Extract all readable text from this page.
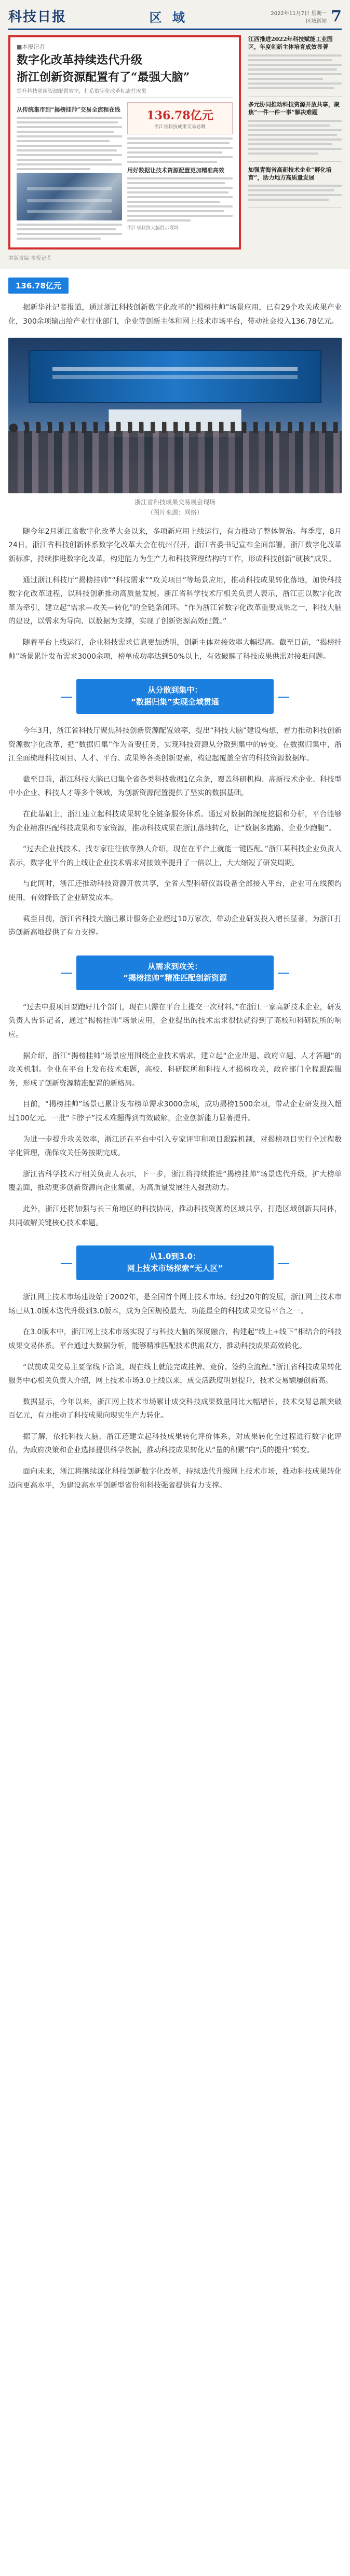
科技日报	区 域	2022年11月7日 星期一
区域新闻 7
■本报记者
数字化改革持续迭代升级
浙江创新资源配置有了“最强大脑”
提升科技创新资源配置效率，打造数字化改革标志性成果
从传统集市到“揭榜挂帅”交易全流程在线	136.78亿元
浙江省科技成果交易总额
用好数据让技术资源配置更加精准高效
浙江省科技大脑展示现场
江西推进2022年科技赋能工业园区，年度创新主体培育成效显著
多元协同推动科技资源开放共享，聚焦“一件一件一事”解决难题
加强青海省高新技术企业“孵化培育”，助力地方高质量发展
本版责编 本报记者
136.78亿元

据新华社记者报道，通过浙江科技创新数字化改革的“揭榜挂帅”场景应用，已有29个攻关成果产业化，300余项输出给产业行业部门，企业等创新主体和网上技术市场平台，带动社会投入136.78亿元。

浙江省科技成果交易展会现场
（图片来源：网络）

随今年2月浙江省数字化改革大会以来，多项新应用上线运行，有力推动了整体智治。每季度，8月24日，浙江省科技创新体系数字化改革大会在杭州召开，浙江省委书记宣布全面部署，浙江数字化改革新标准，持续推进数字化改革，构建能力为生产力和科技管理结构的工作，形成科技创新“硬核”成果。

通过浙江科技厅“揭榜挂帅”“科技需求”“攻关项目”等场景应用，推动科技成果转化落地，加快科技数字化改革进程，以科技创新推动高质量发展。浙江省科学技术厅相关负责人表示，浙江正以数字化改革为牵引，建立起“需求—攻关—转化”的全链条闭环。“作为浙江省数字化改革重要成果之一，科技大脑的建设，以需求为导向、以数据为支撑，实现了创新资源高效配置。”

随着平台上线运行，企业科技需求信息更加透明，创新主体对接效率大幅提高。截至目前，“揭榜挂帅”场景累计发布需求3000余项，榜单成功率达到50%以上，有效破解了科技成果供需对接难问题。

从分散到集中：
“数据归集”实现全域贯通

今年3月，浙江省科技厅聚焦科技创新资源配置效率，提出“科技大脑”建设构想，着力推动科技创新资源数字化改革，把“数据归集”作为首要任务，实现科技资源从分散到集中的转变。在数据归集中，浙江全面梳理科技项目、人才、平台、成果等各类创新要素，构建起覆盖全省的科技资源数据库。

截至目前，浙江科技大脑已归集全省各类科技数据1亿余条，覆盖科研机构、高新技术企业、科技型中小企业、科技人才等多个领域，为创新资源配置提供了坚实的数据基础。

在此基础上，浙江建立起科技成果转化全链条服务体系。通过对数据的深度挖掘和分析，平台能够为企业精准匹配科技成果和专家资源，推动科技成果在浙江落地转化，让“数据多跑路、企业少跑腿”。

“过去企业找技术、找专家往往依靠熟人介绍，现在在平台上就能一键匹配。”浙江某科技企业负责人表示，数字化平台的上线让企业技术需求对接效率提升了一倍以上，大大缩短了研发周期。

与此同时，浙江还推动科技资源开放共享，全省大型科研仪器设备全部接入平台，企业可在线预约使用，有效降低了企业研发成本。

截至目前，浙江省科技大脑已累计服务企业超过10万家次，带动企业研发投入增长显著，为浙江打造创新高地提供了有力支撑。

从需求到攻关：
“揭榜挂帅”精准匹配创新资源

“过去申报项目要跑好几个部门，现在只需在平台上提交一次材料。”在浙江一家高新技术企业，研发负责人告诉记者，通过“揭榜挂帅”场景应用，企业提出的技术需求很快就得到了高校和科研院所的响应。

据介绍，浙江“揭榜挂帅”场景应用围绕企业技术需求，建立起“企业出题、政府立题、人才答题”的攻关机制。企业在平台上发布技术难题，高校、科研院所和科技人才揭榜攻关，政府部门全程跟踪服务，形成了创新资源精准配置的新格局。

目前，“揭榜挂帅”场景已累计发布榜单需求3000余项，成功揭榜1500余项，带动企业研发投入超过100亿元。一批“卡脖子”技术难题得到有效破解，企业创新能力显著提升。

为进一步提升攻关效率，浙江还在平台中引入专家评审和项目跟踪机制，对揭榜项目实行全过程数字化管理，确保攻关任务按期完成。

浙江省科学技术厅相关负责人表示，下一步，浙江将持续推进“揭榜挂帅”场景迭代升级，扩大榜单覆盖面，推动更多创新资源向企业集聚，为高质量发展注入强劲动力。

此外，浙江还将加强与长三角地区的科技协同，推动科技资源跨区域共享，打造区域创新共同体，共同破解关键核心技术难题。

从1.0到3.0：
网上技术市场探索“无人区”

浙江网上技术市场建设始于2002年，是全国首个网上技术市场。经过20年的发展，浙江网上技术市场已从1.0版本迭代升级到3.0版本，成为全国规模最大、功能最全的科技成果交易平台之一。

在3.0版本中，浙江网上技术市场实现了与科技大脑的深度融合，构建起“线上+线下”相结合的科技成果交易体系。平台通过大数据分析，能够精准匹配技术供需双方，推动科技成果高效转化。

“以前成果交易主要靠线下洽谈，现在线上就能完成挂牌、竞价、签约全流程。”浙江省科技成果转化服务中心相关负责人介绍，网上技术市场3.0上线以来，成交活跃度明显提升，技术交易额屡创新高。

数据显示，今年以来，浙江网上技术市场累计成交科技成果数量同比大幅增长，技术交易总额突破百亿元，有力推动了科技成果向现实生产力转化。

据了解，依托科技大脑，浙江还建立起科技成果转化评价体系，对成果转化全过程进行数字化评估，为政府决策和企业选择提供科学依据，推动科技成果转化从“量的积累”向“质的提升”转变。

面向未来，浙江将继续深化科技创新数字化改革，持续迭代升级网上技术市场，推动科技成果转化迈向更高水平，为建设高水平创新型省份和科技强省提供有力支撑。
